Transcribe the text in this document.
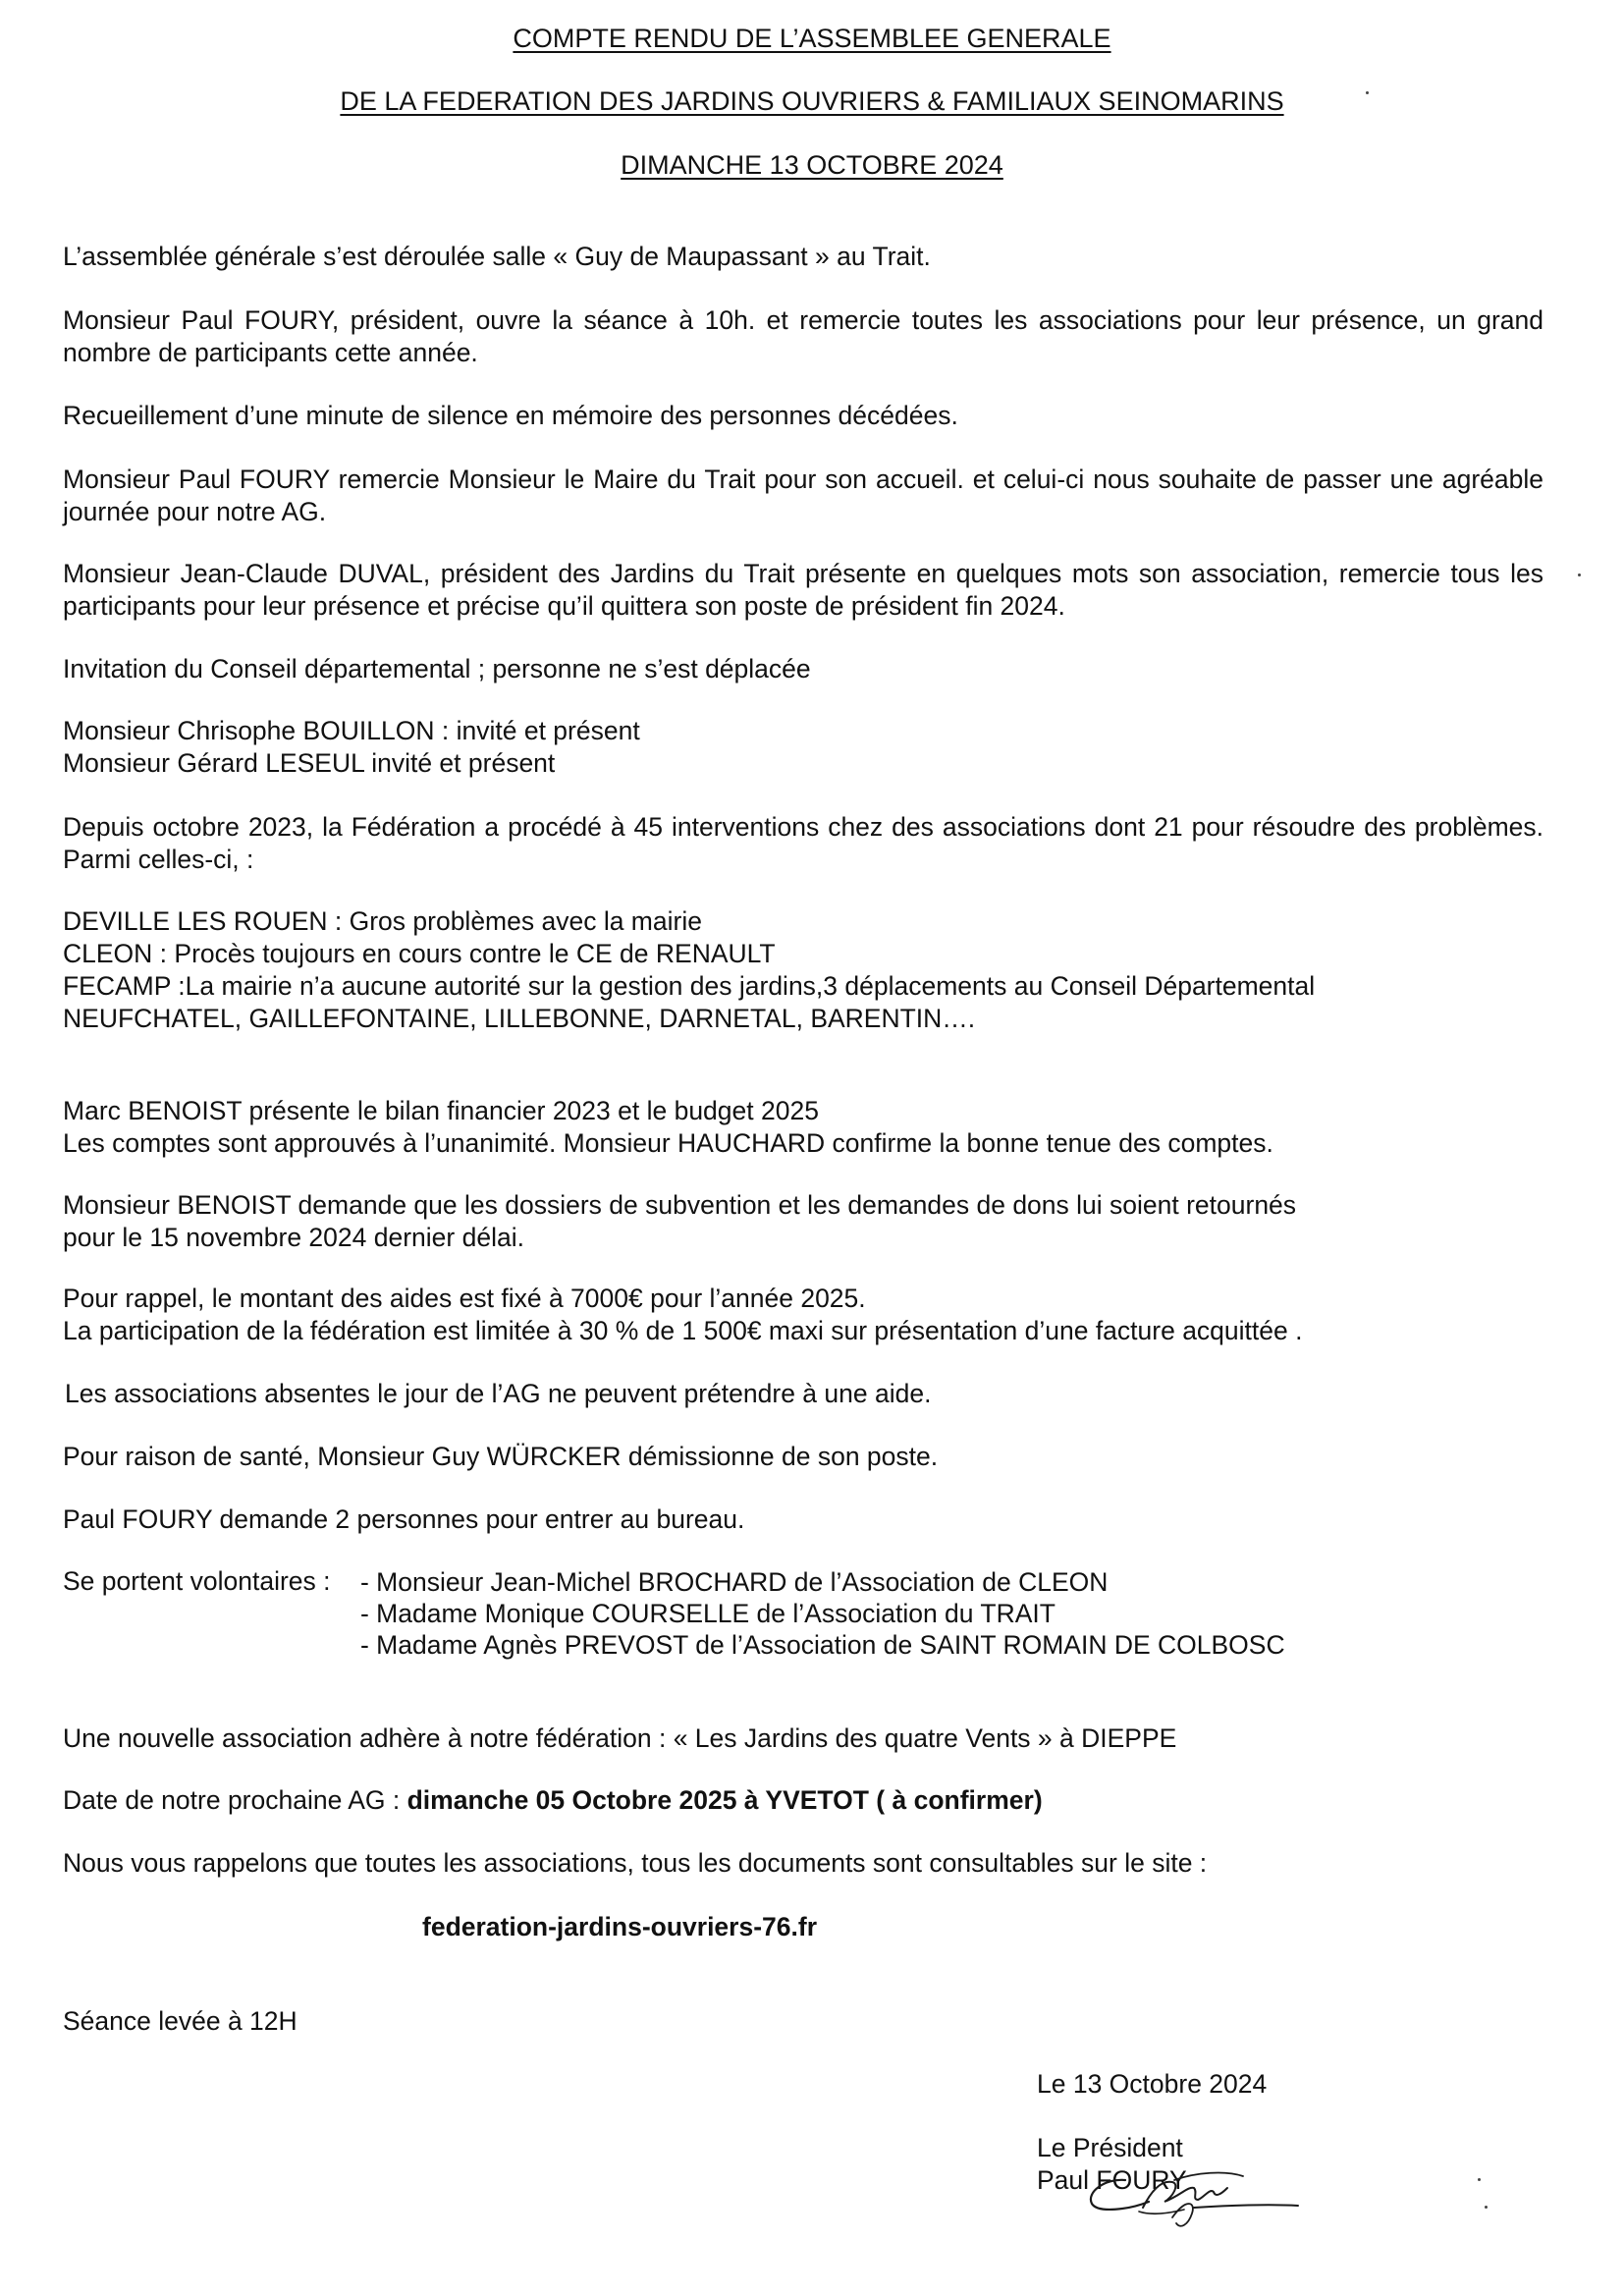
COMPTE RENDU DE L’ASSEMBLEE GENERALE
DE LA FEDERATION DES JARDINS OUVRIERS & FAMILIAUX SEINOMARINS
DIMANCHE 13 OCTOBRE 2024
L’assemblée générale s’est déroulée salle « Guy de Maupassant » au Trait.
Monsieur Paul FOURY, président, ouvre la séance à 10h. et remercie toutes les associations pour leur présence, un grand nombre de participants cette année.
Recueillement d’une minute de silence en mémoire des personnes décédées.
Monsieur Paul FOURY remercie Monsieur le Maire du Trait pour son accueil. et celui-ci nous souhaite de passer une agréable journée pour notre AG.
Monsieur Jean-Claude DUVAL, président des Jardins du Trait présente en quelques mots son association, remercie tous les participants pour leur présence et précise qu’il quittera son poste de président fin 2024.
Invitation du Conseil départemental ; personne ne s’est déplacée
Monsieur Chrisophe BOUILLON : invité et présent
Monsieur Gérard LESEUL invité et présent
Depuis octobre 2023, la Fédération a procédé à 45 interventions chez des associations dont 21 pour résoudre des problèmes. Parmi celles-ci, :
DEVILLE LES ROUEN : Gros problèmes avec la mairie
CLEON : Procès toujours en cours contre le CE de RENAULT
FECAMP :La mairie n’a aucune autorité sur la gestion des jardins,3 déplacements au Conseil Départemental
NEUFCHATEL, GAILLEFONTAINE, LILLEBONNE, DARNETAL, BARENTIN….
Marc BENOIST présente le bilan financier 2023 et le budget 2025
Les comptes sont approuvés à l’unanimité. Monsieur HAUCHARD confirme la bonne tenue des comptes.
Monsieur BENOIST demande que les dossiers de subvention et les demandes de dons lui soient retournés
pour le 15 novembre 2024 dernier délai.
Pour rappel, le montant des aides est fixé à 7000€ pour l’année 2025.
La participation de la fédération est limitée à 30 % de 1 500€ maxi sur présentation d’une facture acquittée .
Les associations absentes le jour de l’AG ne peuvent prétendre à une aide.
Pour raison de santé, Monsieur Guy WÜRCKER démissionne de son poste.
Paul FOURY demande 2 personnes pour entrer au bureau.
Se portent volontaires : - Monsieur Jean-Michel BROCHARD de l’Association de CLEON
- Madame Monique COURSELLE de l’Association du TRAIT
- Madame Agnès PREVOST de l’Association de SAINT ROMAIN DE COLBOSC
Une nouvelle association adhère à notre fédération : « Les Jardins des quatre Vents » à DIEPPE
Date de notre prochaine AG : dimanche 05 Octobre 2025 à YVETOT ( à confirmer)
Nous vous rappelons que toutes les associations, tous les documents sont consultables sur le site :
federation-jardins-ouvriers-76.fr
Séance levée à 12H
Le 13 Octobre 2024
Le Président
Paul FOURY
